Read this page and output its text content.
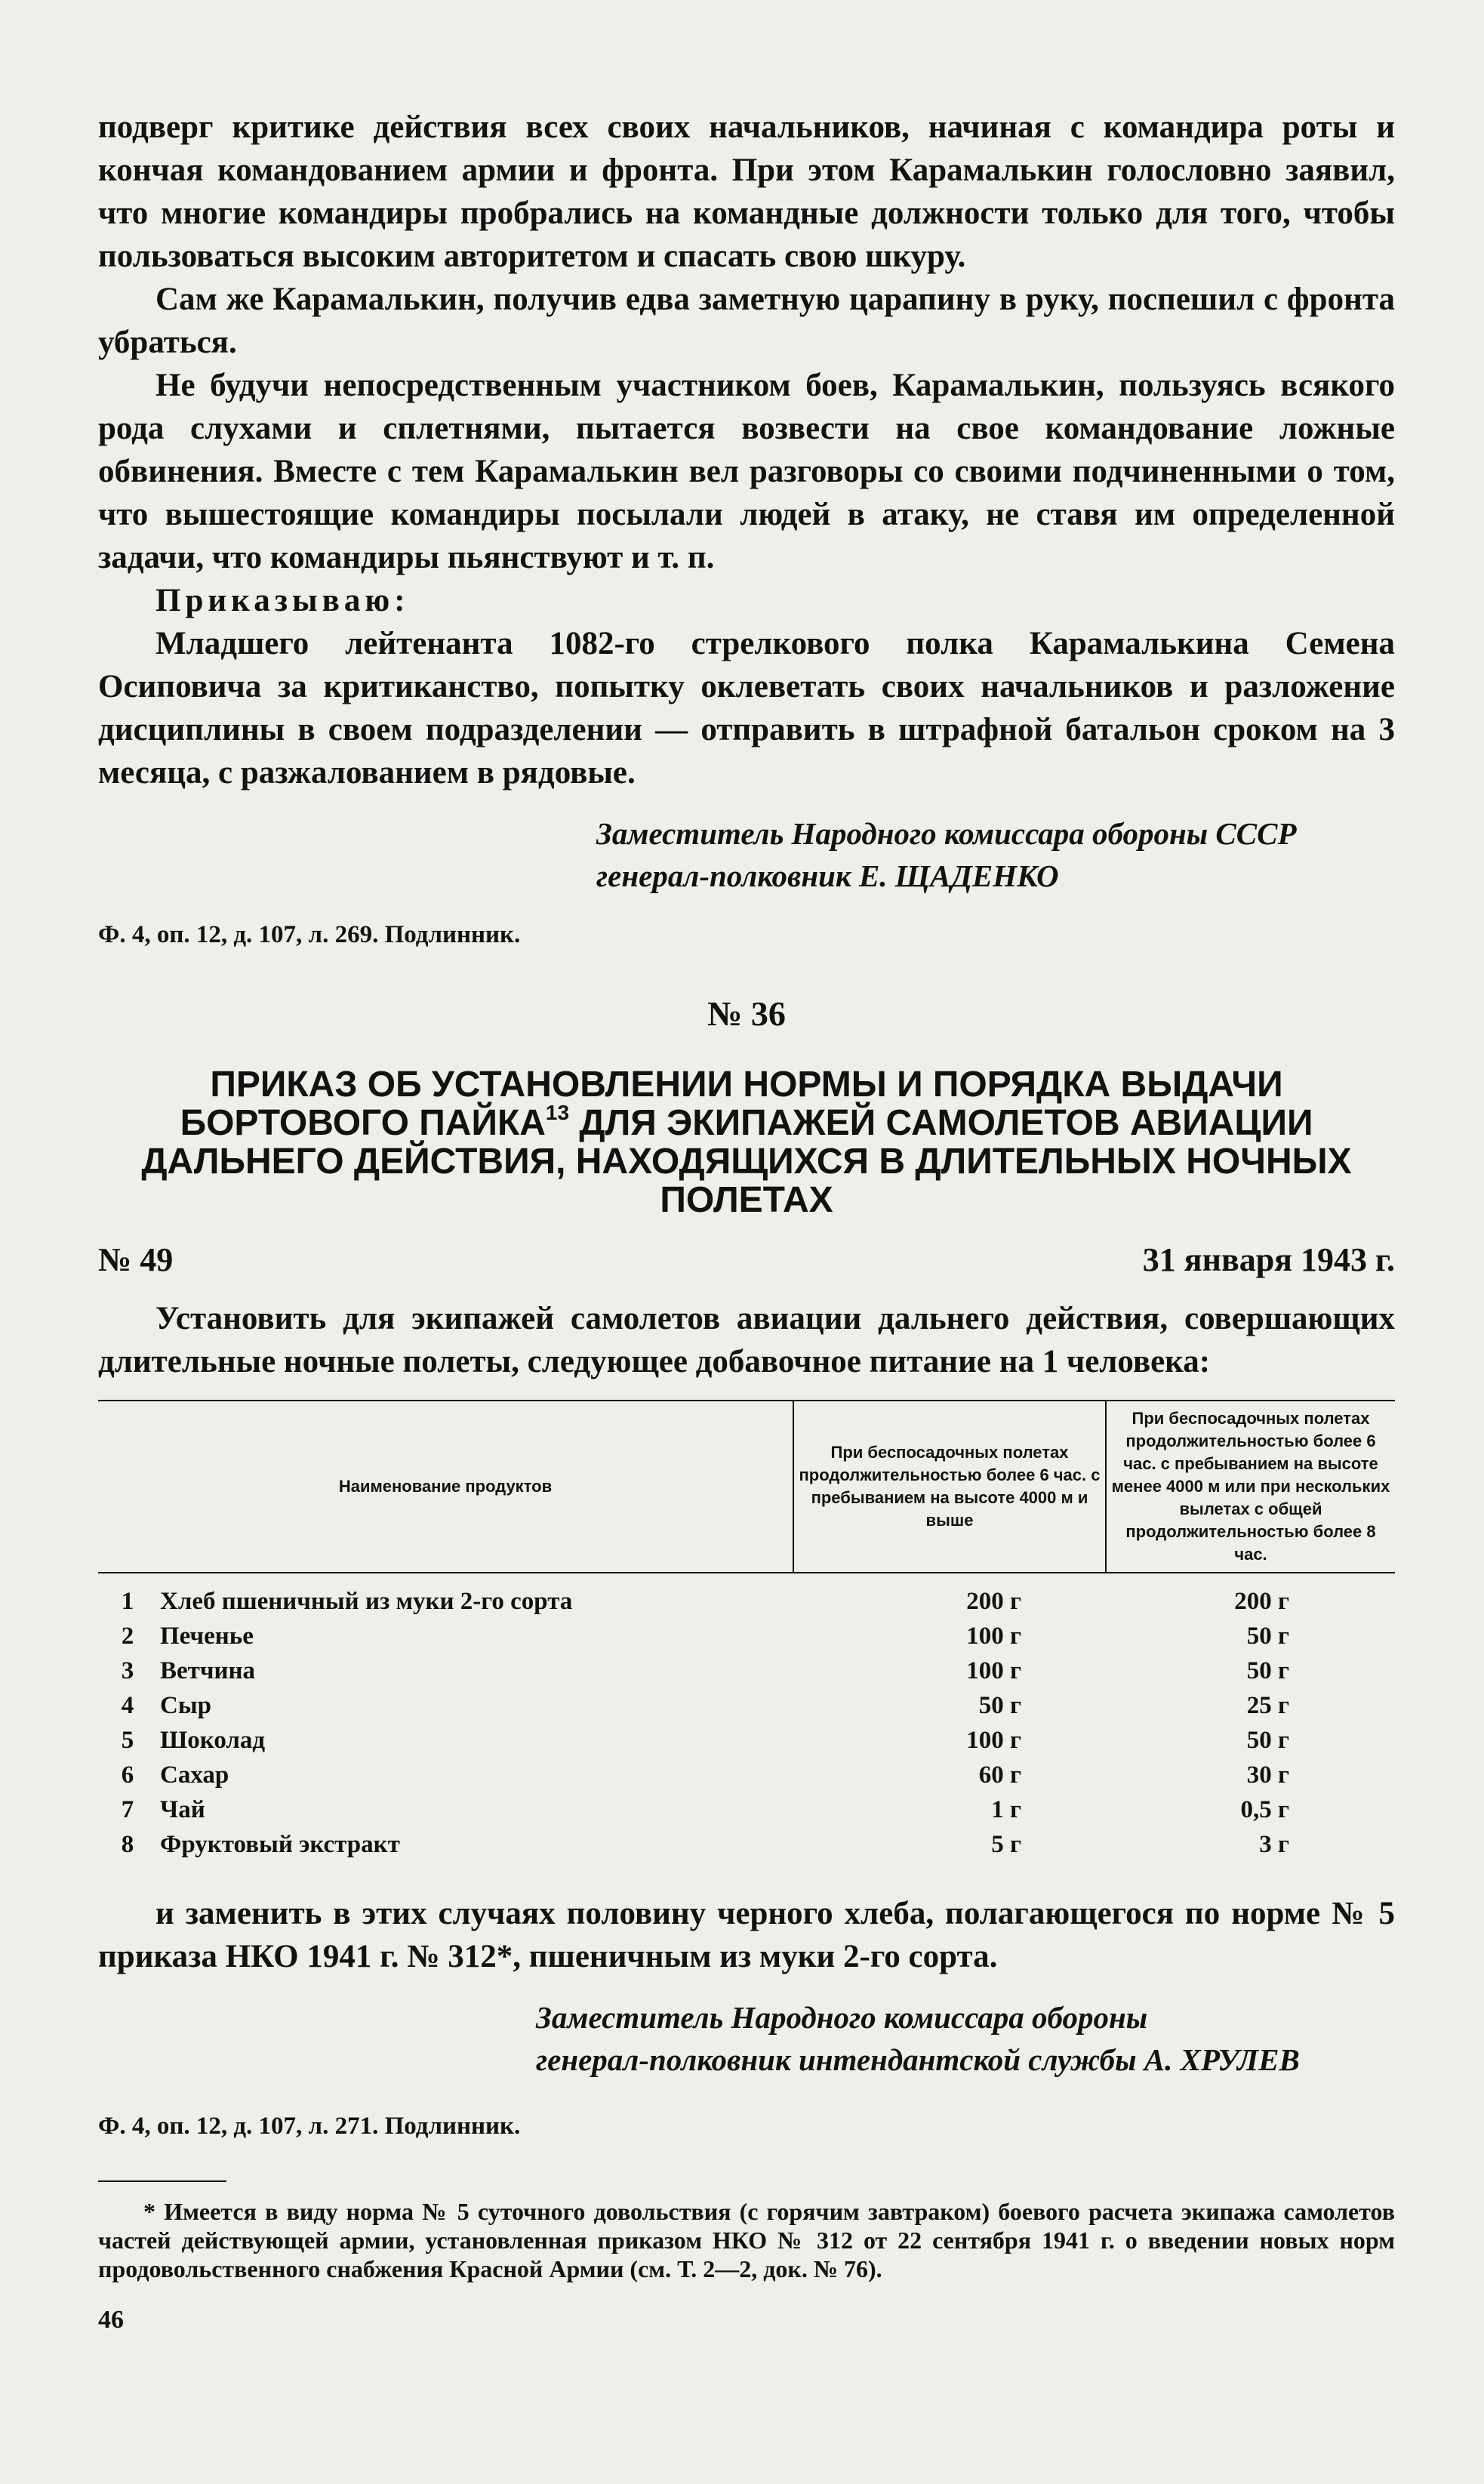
подверг критике действия всех своих начальников, начиная с командира роты и кончая командованием армии и фронта. При этом Карамалькин голословно заявил, что многие командиры пробрались на командные должности только для того, чтобы пользоваться высоким авторитетом и спасать свою шкуру.

Сам же Карамалькин, получив едва заметную царапину в руку, поспешил с фронта убраться.

Не будучи непосредственным участником боев, Карамалькин, пользуясь всякого рода слухами и сплетнями, пытается возвести на свое командование ложные обвинения. Вместе с тем Карамалькин вел разговоры со своими подчиненными о том, что вышестоящие командиры посылали людей в атаку, не ставя им определенной задачи, что командиры пьянствуют и т. п.

Приказываю:

Младшего лейтенанта 1082-го стрелкового полка Карамалькина Семена Осиповича за критиканство, попытку оклеветать своих начальников и разложение дисциплины в своем подразделении — отправить в штрафной батальон сроком на 3 месяца, с разжалованием в рядовые.

Заместитель Народного комиссара обороны СССР
генерал-полковник Е. ЩАДЕНКО
Ф. 4, оп. 12, д. 107, л. 269. Подлинник.
№ 36
ПРИКАЗ ОБ УСТАНОВЛЕНИИ НОРМЫ И ПОРЯДКА ВЫДАЧИ БОРТОВОГО ПАЙКА$^{13}$ ДЛЯ ЭКИПАЖЕЙ САМОЛЕТОВ АВИАЦИИ ДАЛЬНЕГО ДЕЙСТВИЯ, НАХОДЯЩИХСЯ В ДЛИТЕЛЬНЫХ НОЧНЫХ ПОЛЕТАХ
№ 49	31 января 1943 г.

Установить для экипажей самолетов авиации дальнего действия, совершающих длительные ночные полеты, следующее добавочное питание на 1 человека:

Наименование продуктов		При беспосадочных полетах продолжительностью более 6 час. с пребыванием на высоте 4000 м и выше	При беспосадочных полетах продолжительностью более 6 час. с пребыванием на высоте менее 4000 м или при нескольких вылетах с общей продолжительностью более 8 час.
1	Хлеб пшеничный из муки 2-го сорта	200 г	200 г
2	Печенье	100 г	50 г
3	Ветчина	100 г	50 г
4	Сыр	50 г	25 г
5	Шоколад	100 г	50 г
6	Сахар	60 г	30 г
7	Чай	1 г	0,5 г
8	Фруктовый экстракт	5 г	3 г

и заменить в этих случаях половину черного хлеба, полагающегося по норме № 5 приказа НКО 1941 г. № 312*, пшеничным из муки 2-го сорта.

Заместитель Народного комиссара обороны
генерал-полковник интендантской службы А. ХРУЛЕВ
Ф. 4, оп. 12, д. 107, л. 271. Подлинник.
* Имеется в виду норма № 5 суточного довольствия (с горячим завтраком) боевого расчета экипажа самолетов частей действующей армии, установленная приказом НКО № 312 от 22 сентября 1941 г. о введении новых норм продовольственного снабжения Красной Армии (см. Т. 2—2, док. № 76).
46
